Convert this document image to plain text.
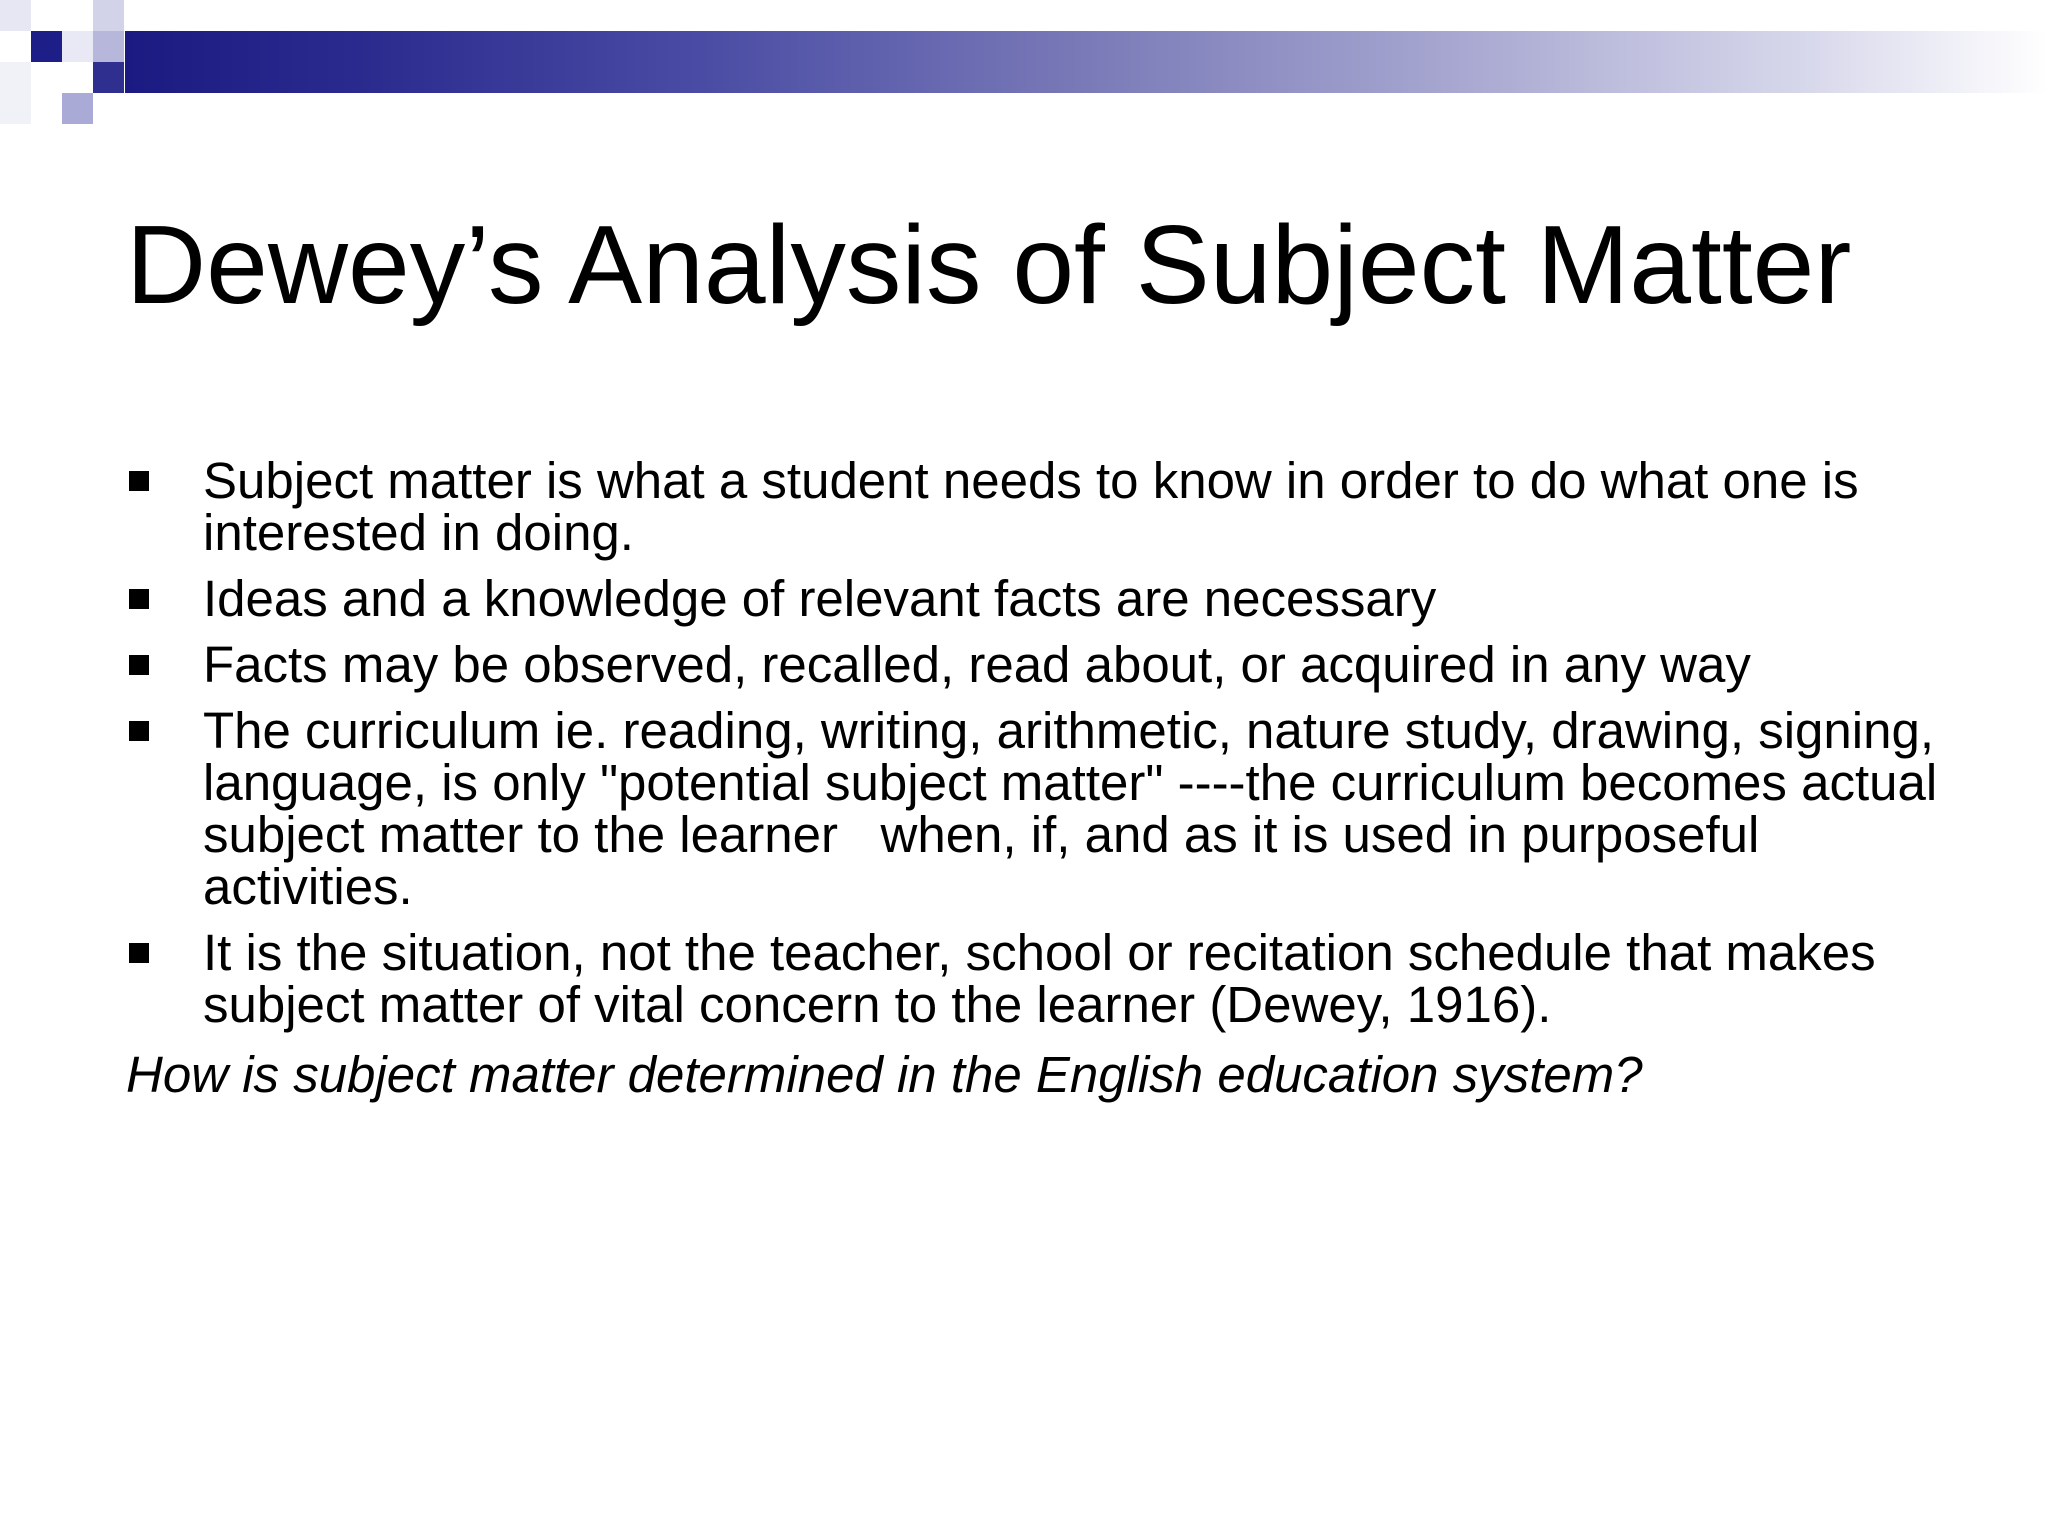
Dewey’s Analysis of Subject Matter
Subject matter is what a student needs to know in order to do what one is interested in doing.
Ideas and a knowledge of relevant facts are necessary
Facts may be observed, recalled, read about, or acquired in any way
The curriculum ie. reading, writing, arithmetic, nature study, drawing, signing, language, is only "potential subject matter" ----the curriculum becomes actual subject matter to the learner   when, if, and as it is used in purposeful activities.
It is the situation, not the teacher, school or recitation schedule that makes subject matter of vital concern to the learner (Dewey, 1916).
How is subject matter determined in the English education system?
